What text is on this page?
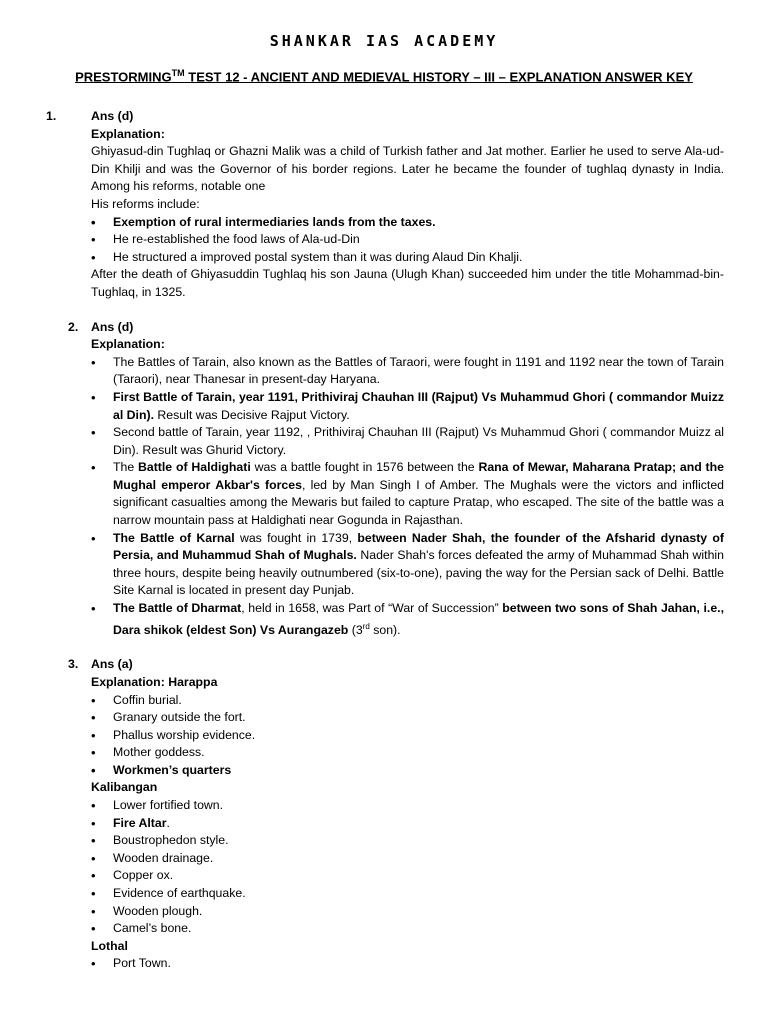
SHANKAR IAS ACADEMY
PRESTORMING™ TEST 12 - ANCIENT AND MEDIEVAL HISTORY – III – EXPLANATION ANSWER KEY
1.	Ans (d)
Explanation:
Ghiyasud-din Tughlaq or Ghazni Malik was a child of Turkish father and Jat mother. Earlier he used to serve Ala-ud-Din Khilji and was the Governor of his border regions. Later he became the founder of tughlaq dynasty in India. Among his reforms, notable one
His reforms include:
• Exemption of rural intermediaries lands from the taxes.
• He re-established the food laws of Ala-ud-Din
• He structured a improved postal system than it was during Alaud Din Khalji.
After the death of Ghiyasuddin Tughlaq his son Jauna (Ulugh Khan) succeeded him under the title Mohammad-bin-Tughlaq, in 1325.
2. Ans (d)
Explanation:
• The Battles of Tarain, also known as the Battles of Taraori, were fought in 1191 and 1192 near the town of Tarain (Taraori), near Thanesar in present-day Haryana.
• First Battle of Tarain, year 1191, Prithiviraj Chauhan III (Rajput) Vs Muhammud Ghori ( commandor Muizz al Din). Result was Decisive Rajput Victory.
• Second battle of Tarain, year 1192, , Prithiviraj Chauhan III (Rajput) Vs Muhammud Ghori ( commandor Muizz al Din). Result was Ghurid Victory.
• The Battle of Haldighati was a battle fought in 1576 between the Rana of Mewar, Maharana Pratap; and the Mughal emperor Akbar's forces, led by Man Singh I of Amber. The Mughals were the victors and inflicted significant casualties among the Mewaris but failed to capture Pratap, who escaped. The site of the battle was a narrow mountain pass at Haldighati near Gogunda in Rajasthan.
• The Battle of Karnal was fought in 1739, between Nader Shah, the founder of the Afsharid dynasty of Persia, and Muhammud Shah of Mughals. Nader Shah's forces defeated the army of Muhammad Shah within three hours, despite being heavily outnumbered (six-to-one), paving the way for the Persian sack of Delhi. Battle Site Karnal is located in present day Punjab.
• The Battle of Dharmat, held in 1658, was Part of “War of Succession” between two sons of Shah Jahan, i.e., Dara shikok (eldest Son) Vs Aurangazeb (3rd son).
3. Ans (a)
Explanation: Harappa
• Coffin burial.
• Granary outside the fort.
• Phallus worship evidence.
• Mother goddess.
• Workmen’s quarters
Kalibangan
• Lower fortified town.
• Fire Altar.
• Boustrophedon style.
• Wooden drainage.
• Copper ox.
• Evidence of earthquake.
• Wooden plough.
• Camel’s bone.
Lothal
• Port Town.
